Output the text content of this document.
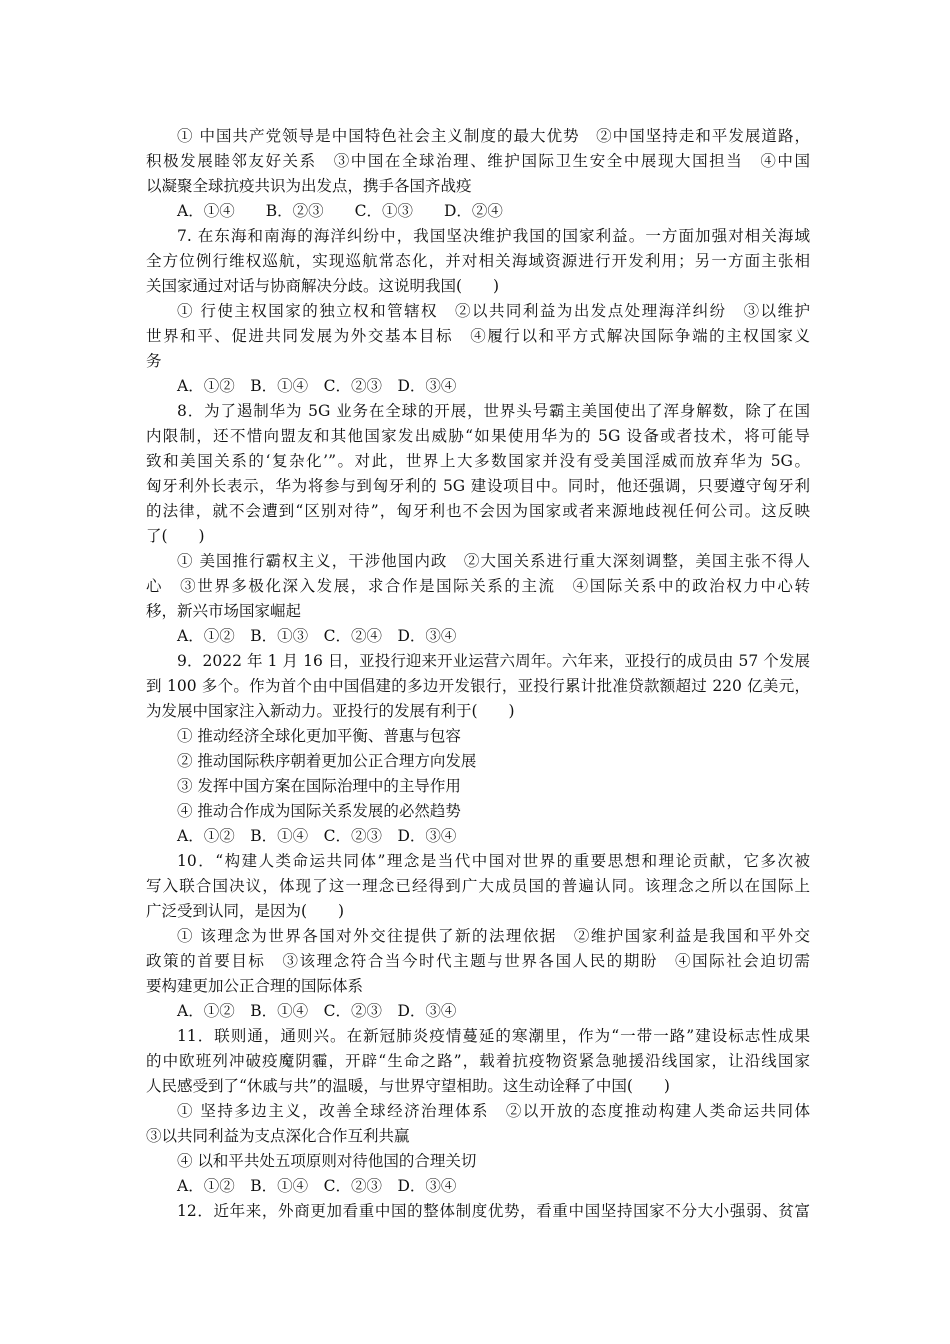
① 中国共产党领导是中国特色社会主义制度的最大优势　②中国坚持走和平发展道路，
积极发展睦邻友好关系　③中国在全球治理、维护国际卫生安全中展现大国担当　④中国
以凝聚全球抗疫共识为出发点，携手各国齐战疫
A．①④　　B．②③　　C．①③　　D．②④
7. 在东海和南海的海洋纠纷中，我国坚决维护我国的国家利益。一方面加强对相关海域
全方位例行维权巡航，实现巡航常态化，并对相关海域资源进行开发利用；另一方面主张相
关国家通过对话与协商解决分歧。这说明我国(　　)
① 行使主权国家的独立权和管辖权　②以共同利益为出发点处理海洋纠纷　③以维护
世界和平、促进共同发展为外交基本目标　④履行以和平方式解决国际争端的主权国家义
务
A．①②　B．①④　C．②③　D．③④
8．为了遏制华为 5G 业务在全球的开展，世界头号霸主美国使出了浑身解数，除了在国
内限制，还不惜向盟友和其他国家发出威胁“如果使用华为的 5G 设备或者技术，将可能导
致和美国关系的‘复杂化’”。对此，世界上大多数国家并没有受美国淫威而放弃华为 5G。
匈牙利外长表示，华为将参与到匈牙利的 5G 建设项目中。同时，他还强调，只要遵守匈牙利
的法律，就不会遭到“区别对待”，匈牙利也不会因为国家或者来源地歧视任何公司。这反映
了(　　)
① 美国推行霸权主义，干涉他国内政　②大国关系进行重大深刻调整，美国主张不得人
心　③世界多极化深入发展，求合作是国际关系的主流　④国际关系中的政治权力中心转
移，新兴市场国家崛起
A．①②　B．①③　C．②④　D．③④
9．2022 年 1 月 16 日，亚投行迎来开业运营六周年。六年来，亚投行的成员由 57 个发展
到 100 多个。作为首个由中国倡建的多边开发银行，亚投行累计批准贷款额超过 220 亿美元，
为发展中国家注入新动力。亚投行的发展有利于(　　)
① 推动经济全球化更加平衡、普惠与包容
② 推动国际秩序朝着更加公正合理方向发展
③ 发挥中国方案在国际治理中的主导作用
④ 推动合作成为国际关系发展的必然趋势
A．①②　B．①④　C．②③　D．③④
10．“构建人类命运共同体”理念是当代中国对世界的重要思想和理论贡献，它多次被
写入联合国决议，体现了这一理念已经得到广大成员国的普遍认同。该理念之所以在国际上
广泛受到认同，是因为(　　)
① 该理念为世界各国对外交往提供了新的法理依据　②维护国家利益是我国和平外交
政策的首要目标　③该理念符合当今时代主题与世界各国人民的期盼　④国际社会迫切需
要构建更加公正合理的国际体系
A．①②　B．①④　C．②③　D．③④
11．联则通，通则兴。在新冠肺炎疫情蔓延的寒潮里，作为“一带一路”建设标志性成果
的中欧班列冲破疫魔阴霾，开辟“生命之路”，载着抗疫物资紧急驰援沿线国家，让沿线国家
人民感受到了“休戚与共”的温暖，与世界守望相助。这生动诠释了中国(　　)
① 坚持多边主义，改善全球经济治理体系　②以开放的态度推动构建人类命运共同体
③以共同利益为支点深化合作互利共赢
④ 以和平共处五项原则对待他国的合理关切
A．①②　B．①④　C．②③　D．③④
12．近年来，外商更加看重中国的整体制度优势，看重中国坚持国家不分大小强弱、贫富
